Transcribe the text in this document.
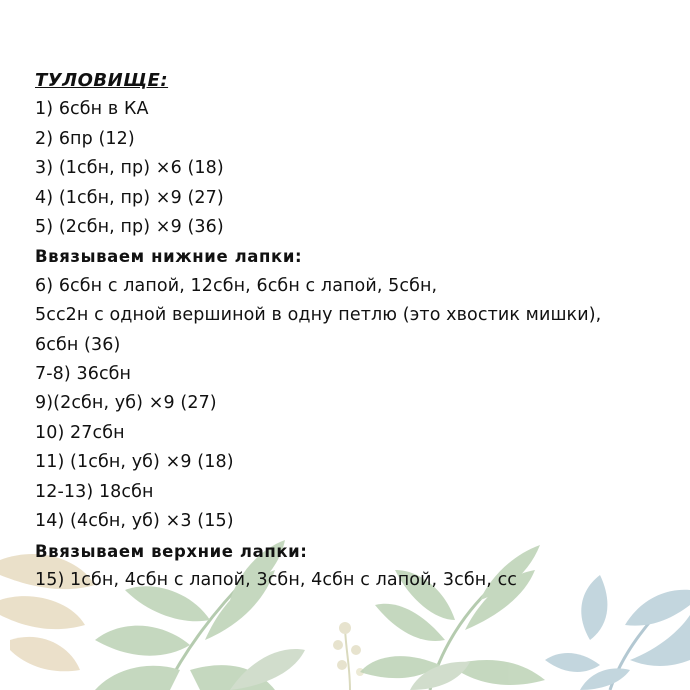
ТУЛОВИЩЕ:
1) 6сбн в КА
2) 6пр (12)
3) (1сбн, пр) ×6 (18)
4) (1сбн, пр) ×9 (27)
5) (2сбн, пр) ×9 (36)
Ввязываем нижние лапки:
6) 6сбн с лапой, 12сбн, 6сбн с лапой, 5сбн,
5сс2н с одной вершиной в одну петлю (это хвостик мишки),
6сбн (36)
7-8) 36сбн
9)(2сбн, уб) ×9 (27)
10) 27сбн
11) (1сбн, уб) ×9 (18)
12-13) 18сбн
14) (4сбн, уб) ×3 (15)
Ввязываем верхние лапки:
15) 1сбн, 4сбн с лапой, 3сбн, 4сбн с лапой, 3сбн, сс
